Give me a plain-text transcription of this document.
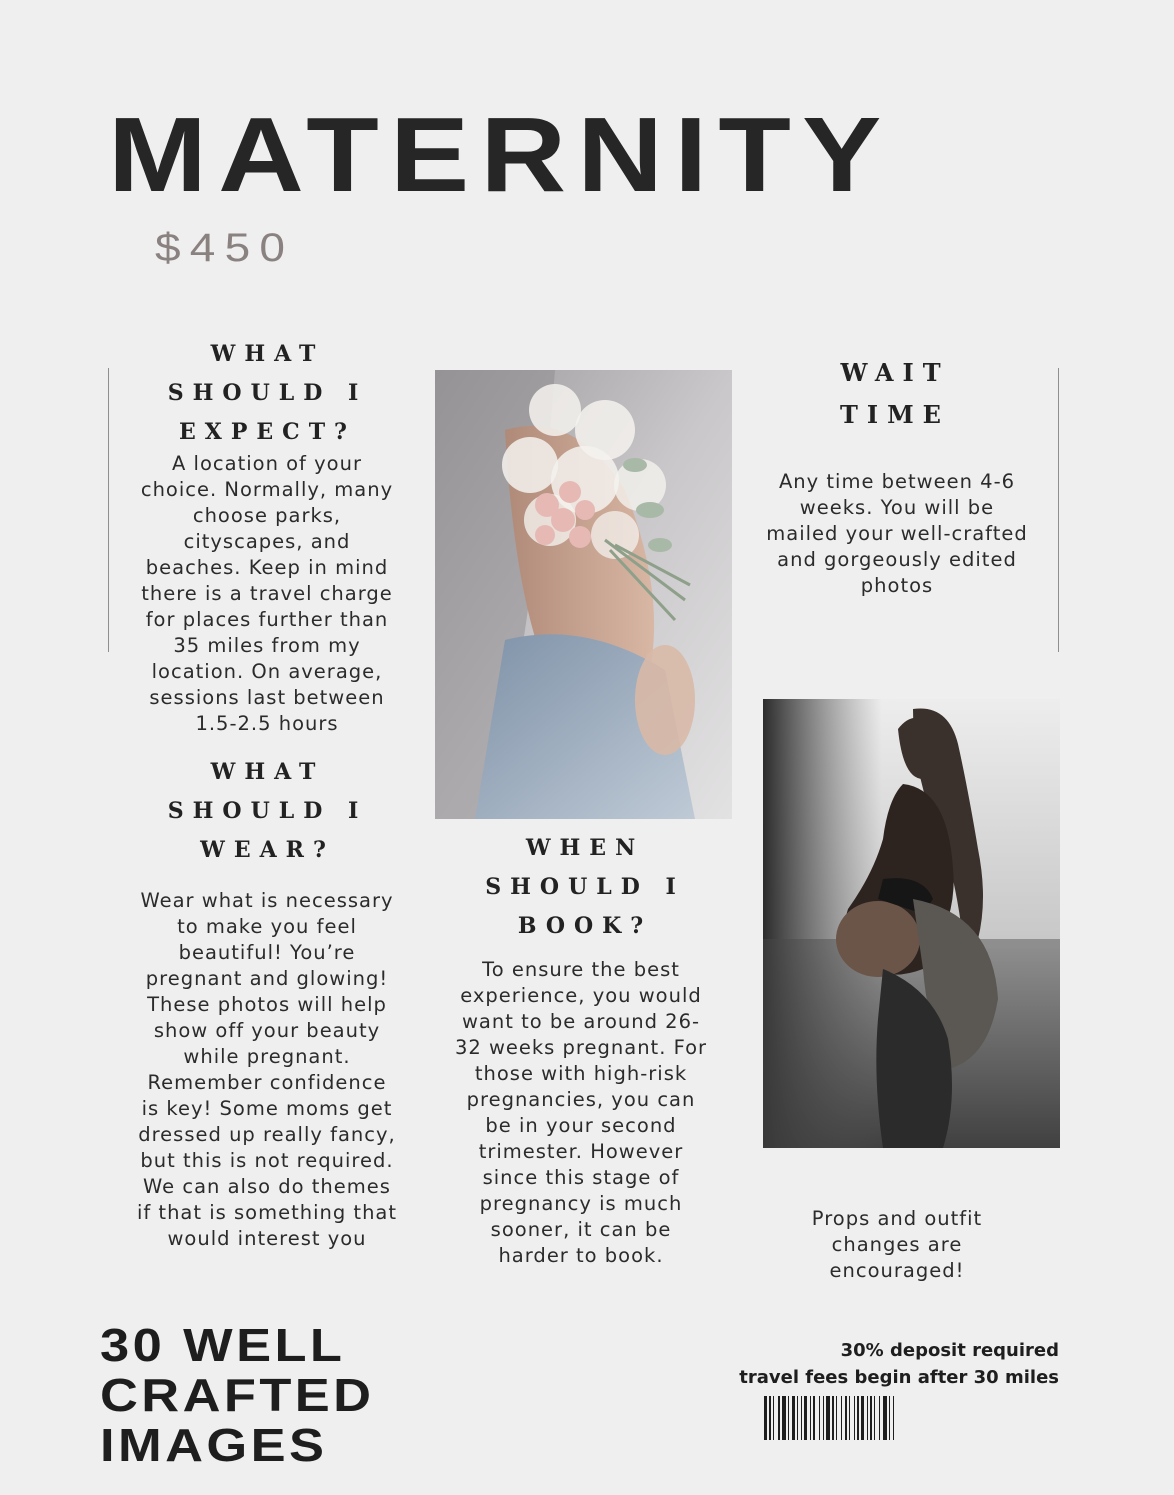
MATERNITY
$450
WHAT
SHOULD I
EXPECT?
A location of your choice. Normally, many choose parks, cityscapes, and beaches. Keep in mind there is a travel charge for places further than 35 miles from my location. On average, sessions last between 1.5-2.5 hours
WAIT
TIME
Any time between 4-6 weeks. You will be mailed your well-crafted and gorgeously edited photos
WHAT
SHOULD I
WEAR?
Wear what is necessary to make you feel beautiful! You’re pregnant and glowing! These photos will help show off your beauty while pregnant. Remember confidence is key! Some moms get dressed up really fancy, but this is not required. We can also do themes if that is something that would interest you
WHEN
SHOULD I
BOOK?
To ensure the best experience, you would want to be around 26-32 weeks pregnant. For those with high-risk pregnancies, you can be in your second trimester. However since this stage of pregnancy is much sooner, it can be harder to book.
Props and outfit changes are encouraged!
30 WELL
CRAFTED
IMAGES
30% deposit required
travel fees begin after 30 miles
